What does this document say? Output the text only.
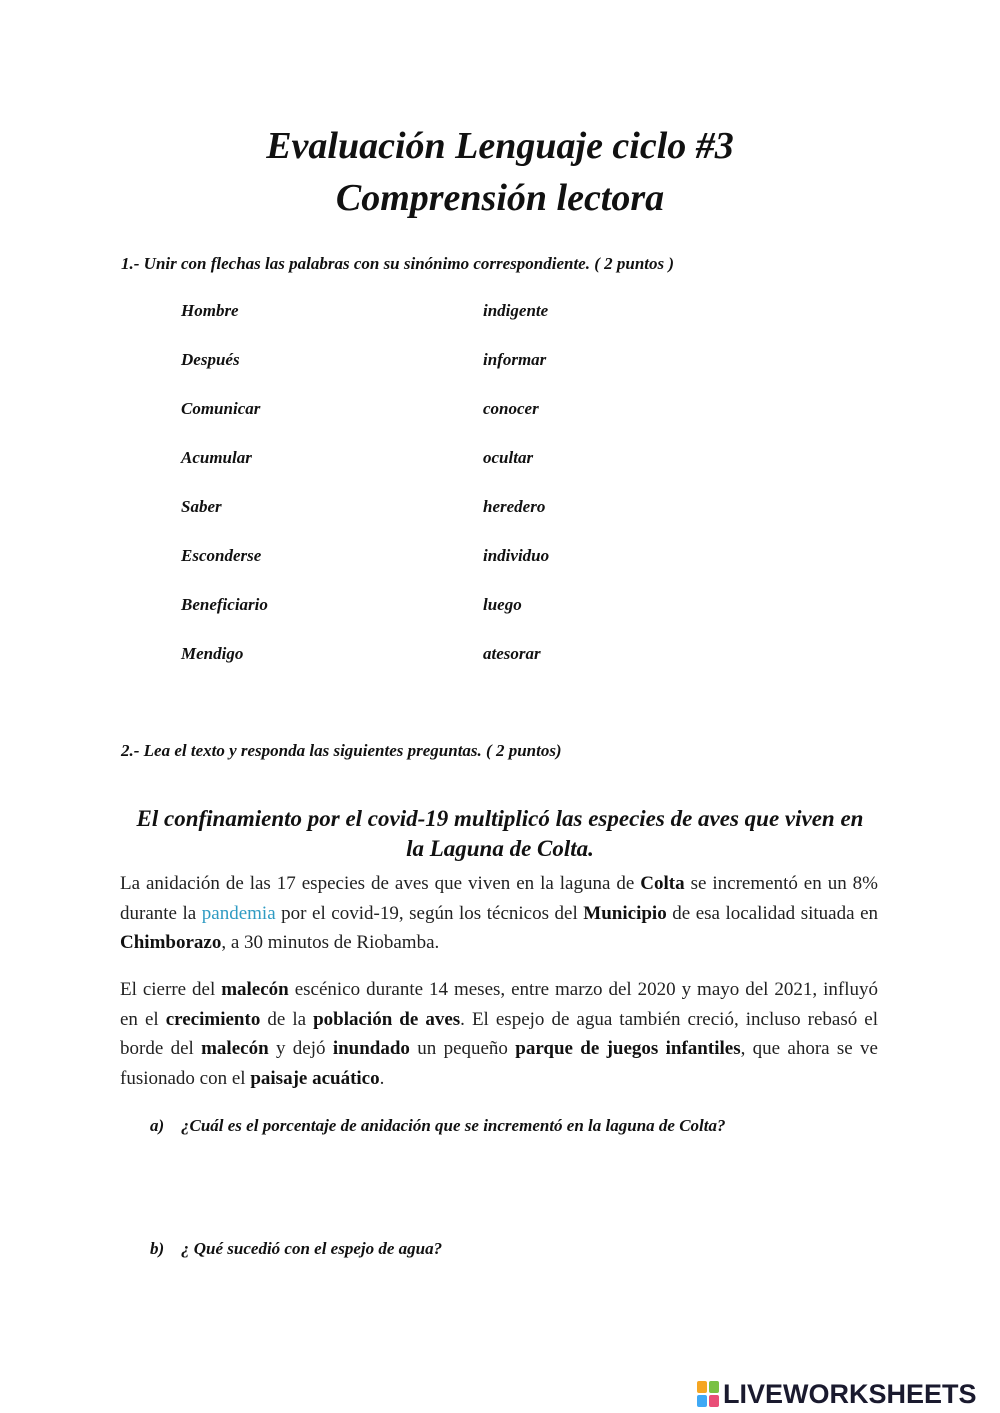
Evaluación Lenguaje ciclo #3
Comprensión lectora

1.- Unir con flechas las palabras con su sinónimo correspondiente. ( 2 puntos )

Hombre	indigente

Después	informar

Comunicar	conocer

Acumular	ocultar

Saber	heredero

Esconderse	individuo

Beneficiario	luego

Mendigo	atesorar

2.- Lea el texto y responda las siguientes preguntas. ( 2 puntos)

El confinamiento por el covid-19 multiplicó las especies de aves que viven en

la Laguna de Colta.

La anidación de las 17 especies de aves que viven en la laguna de Colta se incrementó en un 8% durante la pandemia por el covid-19, según los técnicos del Municipio de esa localidad situada en Chimborazo, a 30 minutos de Riobamba.

El cierre del malecón escénico durante 14 meses, entre marzo del 2020 y mayo del 2021, influyó en el crecimiento de la población de aves. El espejo de agua también creció, incluso rebasó el borde del malecón y dejó inundado un pequeño parque de juegos infantiles, que ahora se ve fusionado con el paisaje acuático.

a) ¿Cuál es el porcentaje de anidación que se incrementó en la laguna de Colta?

b) ¿ Qué sucedió con el espejo de agua?

LIVEWORKSHEETS
